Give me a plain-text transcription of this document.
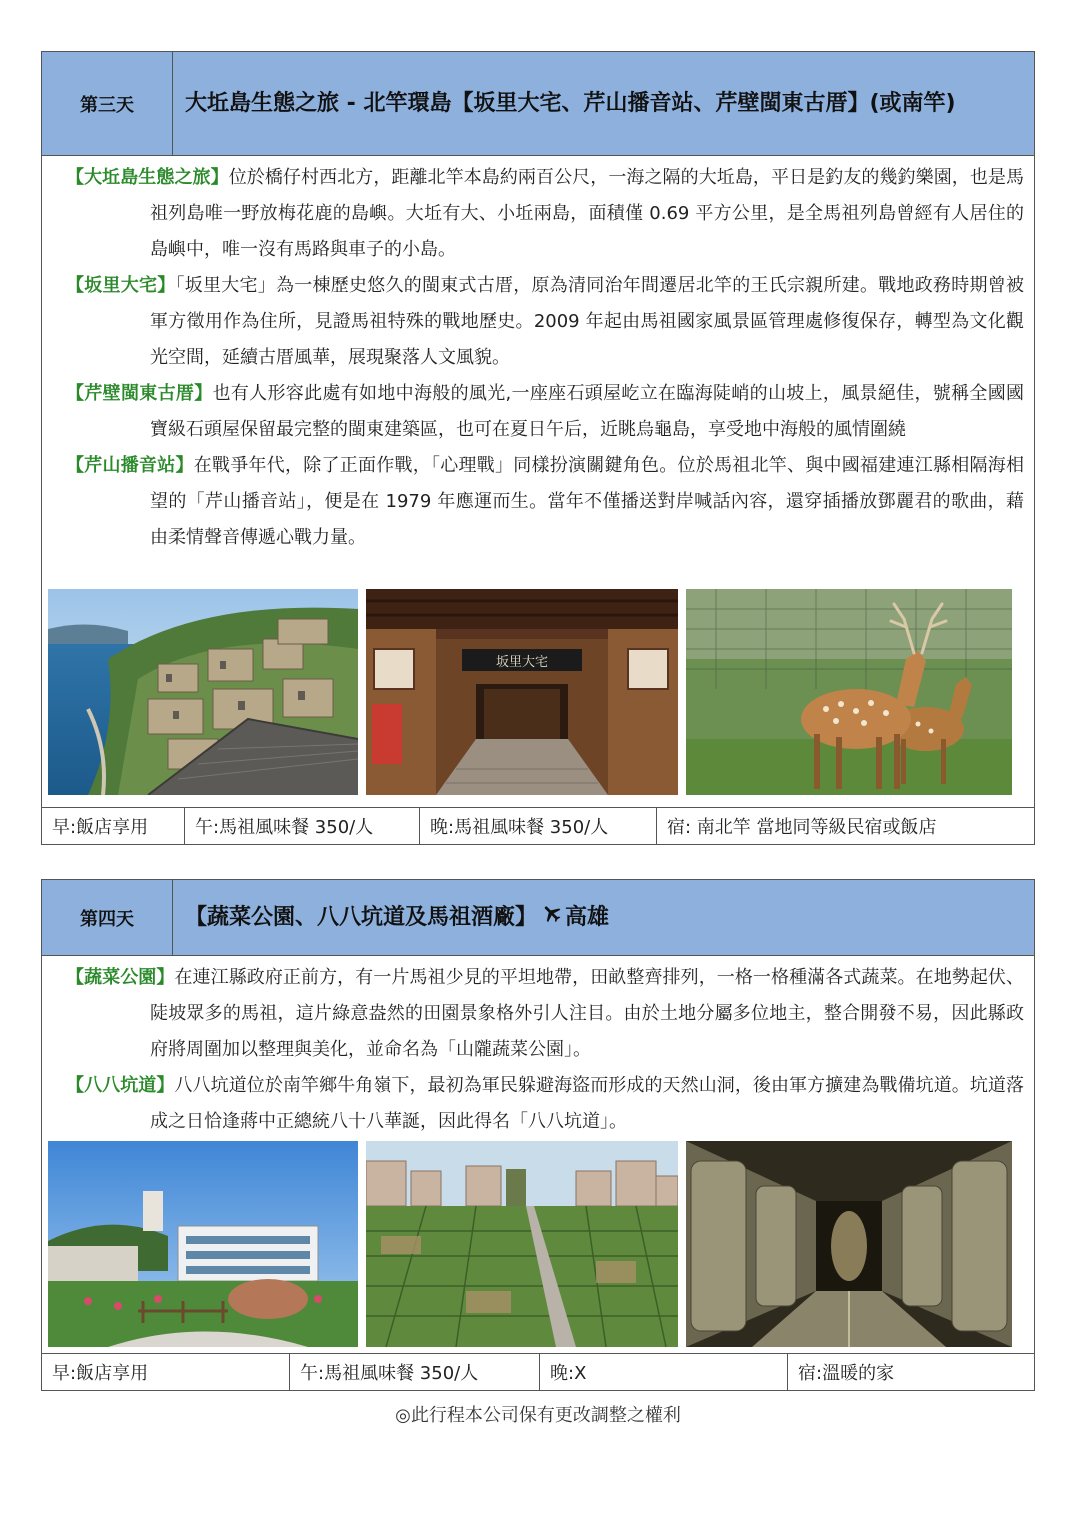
第三天	大坵島生態之旅 - 北竿環島【坂里大宅、芹山播音站、芹壁閩東古厝】(或南竿)

【大坵島生態之旅】位於橋仔村西北方，距離北竿本島約兩百公尺，一海之隔的大坵島，平日是釣友的幾釣樂園，也是馬祖列島唯一野放梅花鹿的島嶼。大坵有大、小坵兩島，面積僅 0.69 平方公里，是全馬祖列島曾經有人居住的島嶼中，唯一沒有馬路與車子的小島。

【坂里大宅】「坂里大宅」為一棟歷史悠久的閩東式古厝，原為清同治年間遷居北竿的王氏宗親所建。戰地政務時期曾被軍方徵用作為住所，見證馬祖特殊的戰地歷史。2009 年起由馬祖國家風景區管理處修復保存，轉型為文化觀光空間，延續古厝風華，展現聚落人文風貌。

【芹壁閩東古厝】也有人形容此處有如地中海般的風光,一座座石頭屋屹立在臨海陡峭的山坡上，風景絕佳，號稱全國國寶級石頭屋保留最完整的閩東建築區，也可在夏日午后，近眺烏龜島，享受地中海般的風情圍繞

【芹山播音站】在戰爭年代，除了正面作戰，「心理戰」同樣扮演關鍵角色。位於馬祖北竿、與中國福建連江縣相隔海相望的「芹山播音站」，便是在 1979 年應運而生。當年不僅播送對岸喊話內容，還穿插播放鄧麗君的歌曲，藉由柔情聲音傳遞心戰力量。

坂里大宅
早:飯店享用	午:馬祖風味餐 350/人	晚:馬祖風味餐 350/人	宿: 南北竿 當地同等級民宿或飯店
第四天	【蔬菜公園、八八坑道及馬祖酒廠】 高雄

【蔬菜公園】在連江縣政府正前方，有一片馬祖少見的平坦地帶，田畝整齊排列，一格一格種滿各式蔬菜。在地勢起伏、陡坡眾多的馬祖，這片綠意盎然的田園景象格外引人注目。由於土地分屬多位地主，整合開發不易，因此縣政府將周圍加以整理與美化，並命名為「山隴蔬菜公園」。

【八八坑道】八八坑道位於南竿鄉牛角嶺下，最初為軍民躲避海盜而形成的天然山洞，後由軍方擴建為戰備坑道。坑道落成之日恰逢蔣中正總統八十八華誕，因此得名「八八坑道」。

早:飯店享用	午:馬祖風味餐 350/人	晚:X	宿:溫暖的家
◎此行程本公司保有更改調整之權利
